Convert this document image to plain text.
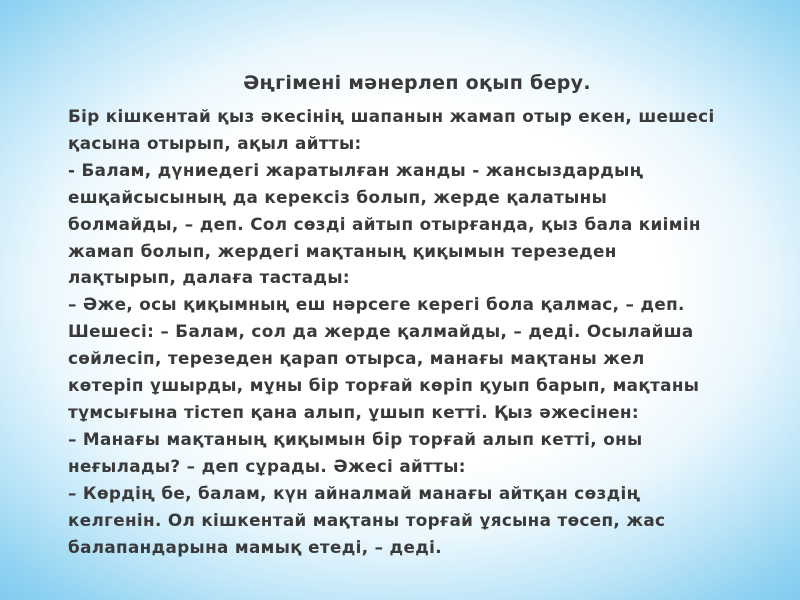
Әңгімені мәнерлеп оқып беру.
Бір кішкентай қыз әкесінің шапанын жамап отыр екен, шешесі
қасына отырып, ақыл айтты:
- Балам, дүниедегі жаратылған жанды - жансыздардың
ешқайсысының да керексіз болып, жерде қалатыны
болмайды, – деп. Сол сөзді айтып отырғанда, қыз бала киімін
жамап болып, жердегі мақтаның қиқымын терезеден
лақтырып, далаға тастады:
– Әже, осы қиқымның еш нәрсеге керегі бола қалмас, – деп.
Шешесі: – Балам, сол да жерде қалмайды, – деді. Осылайша
сөйлесіп, терезеден қарап отырса, манағы мақтаны жел
көтеріп ұшырды, мұны бір торғай көріп қуып барып, мақтаны
тұмсығына тістеп қана алып, ұшып кетті. Қыз әжесінен:
– Манағы мақтаның қиқымын бір торғай алып кетті, оны
неғылады? – деп сұрады. Әжесі айтты:
– Көрдің бе, балам, күн айналмай манағы айтқан сөздің
келгенін. Ол кішкентай мақтаны торғай ұясына төсеп, жас
балапандарына мамық етеді, – деді.
